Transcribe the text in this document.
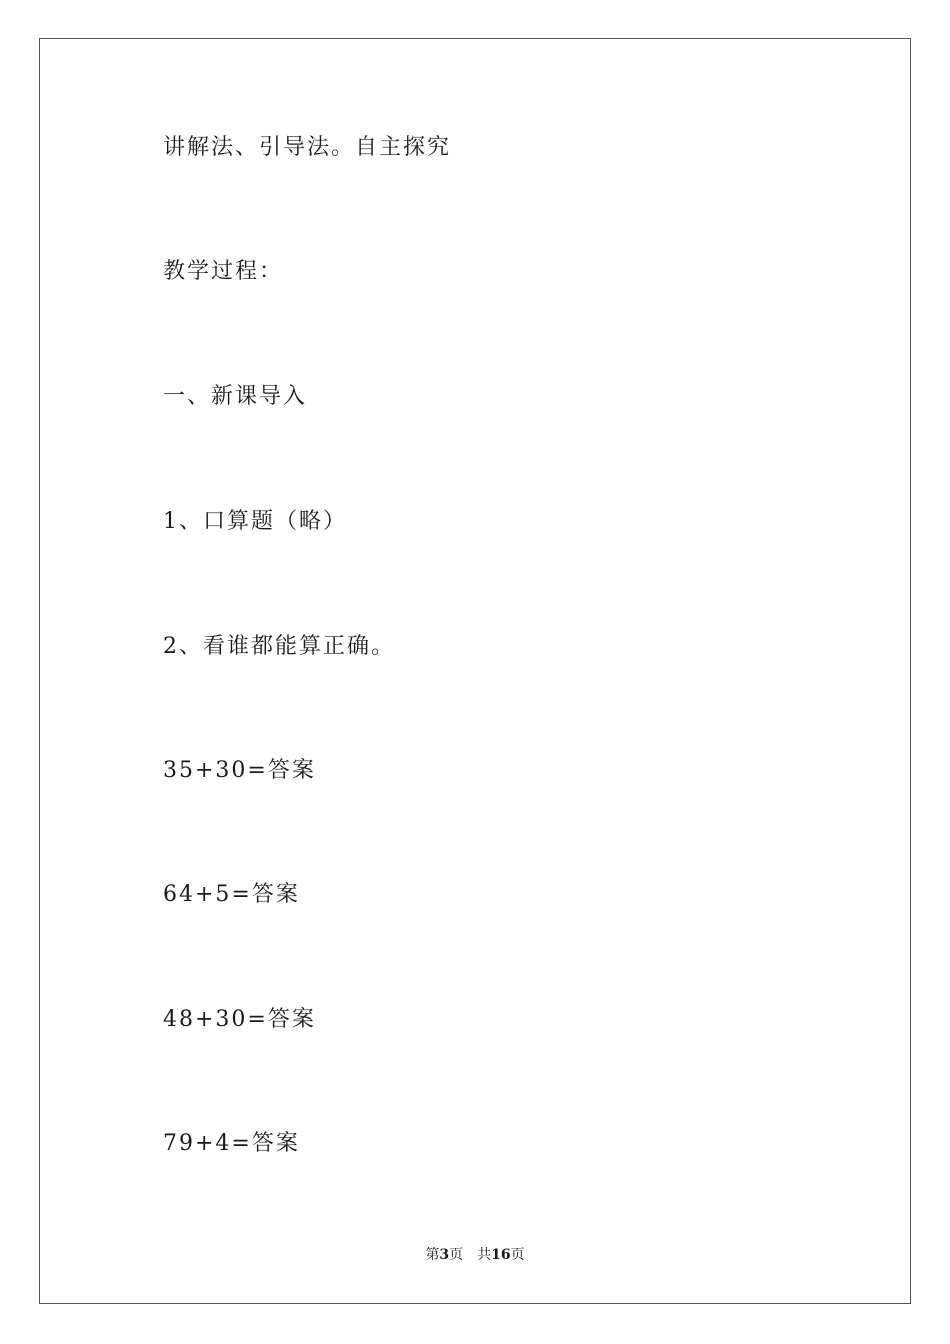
讲解法、引导法。自主探究
教学过程：
一、新课导入
1、口算题（略）
2、看谁都能算正确。
35+30=答案
64+5=答案
48+30=答案
79+4=答案
第3页 共16页
